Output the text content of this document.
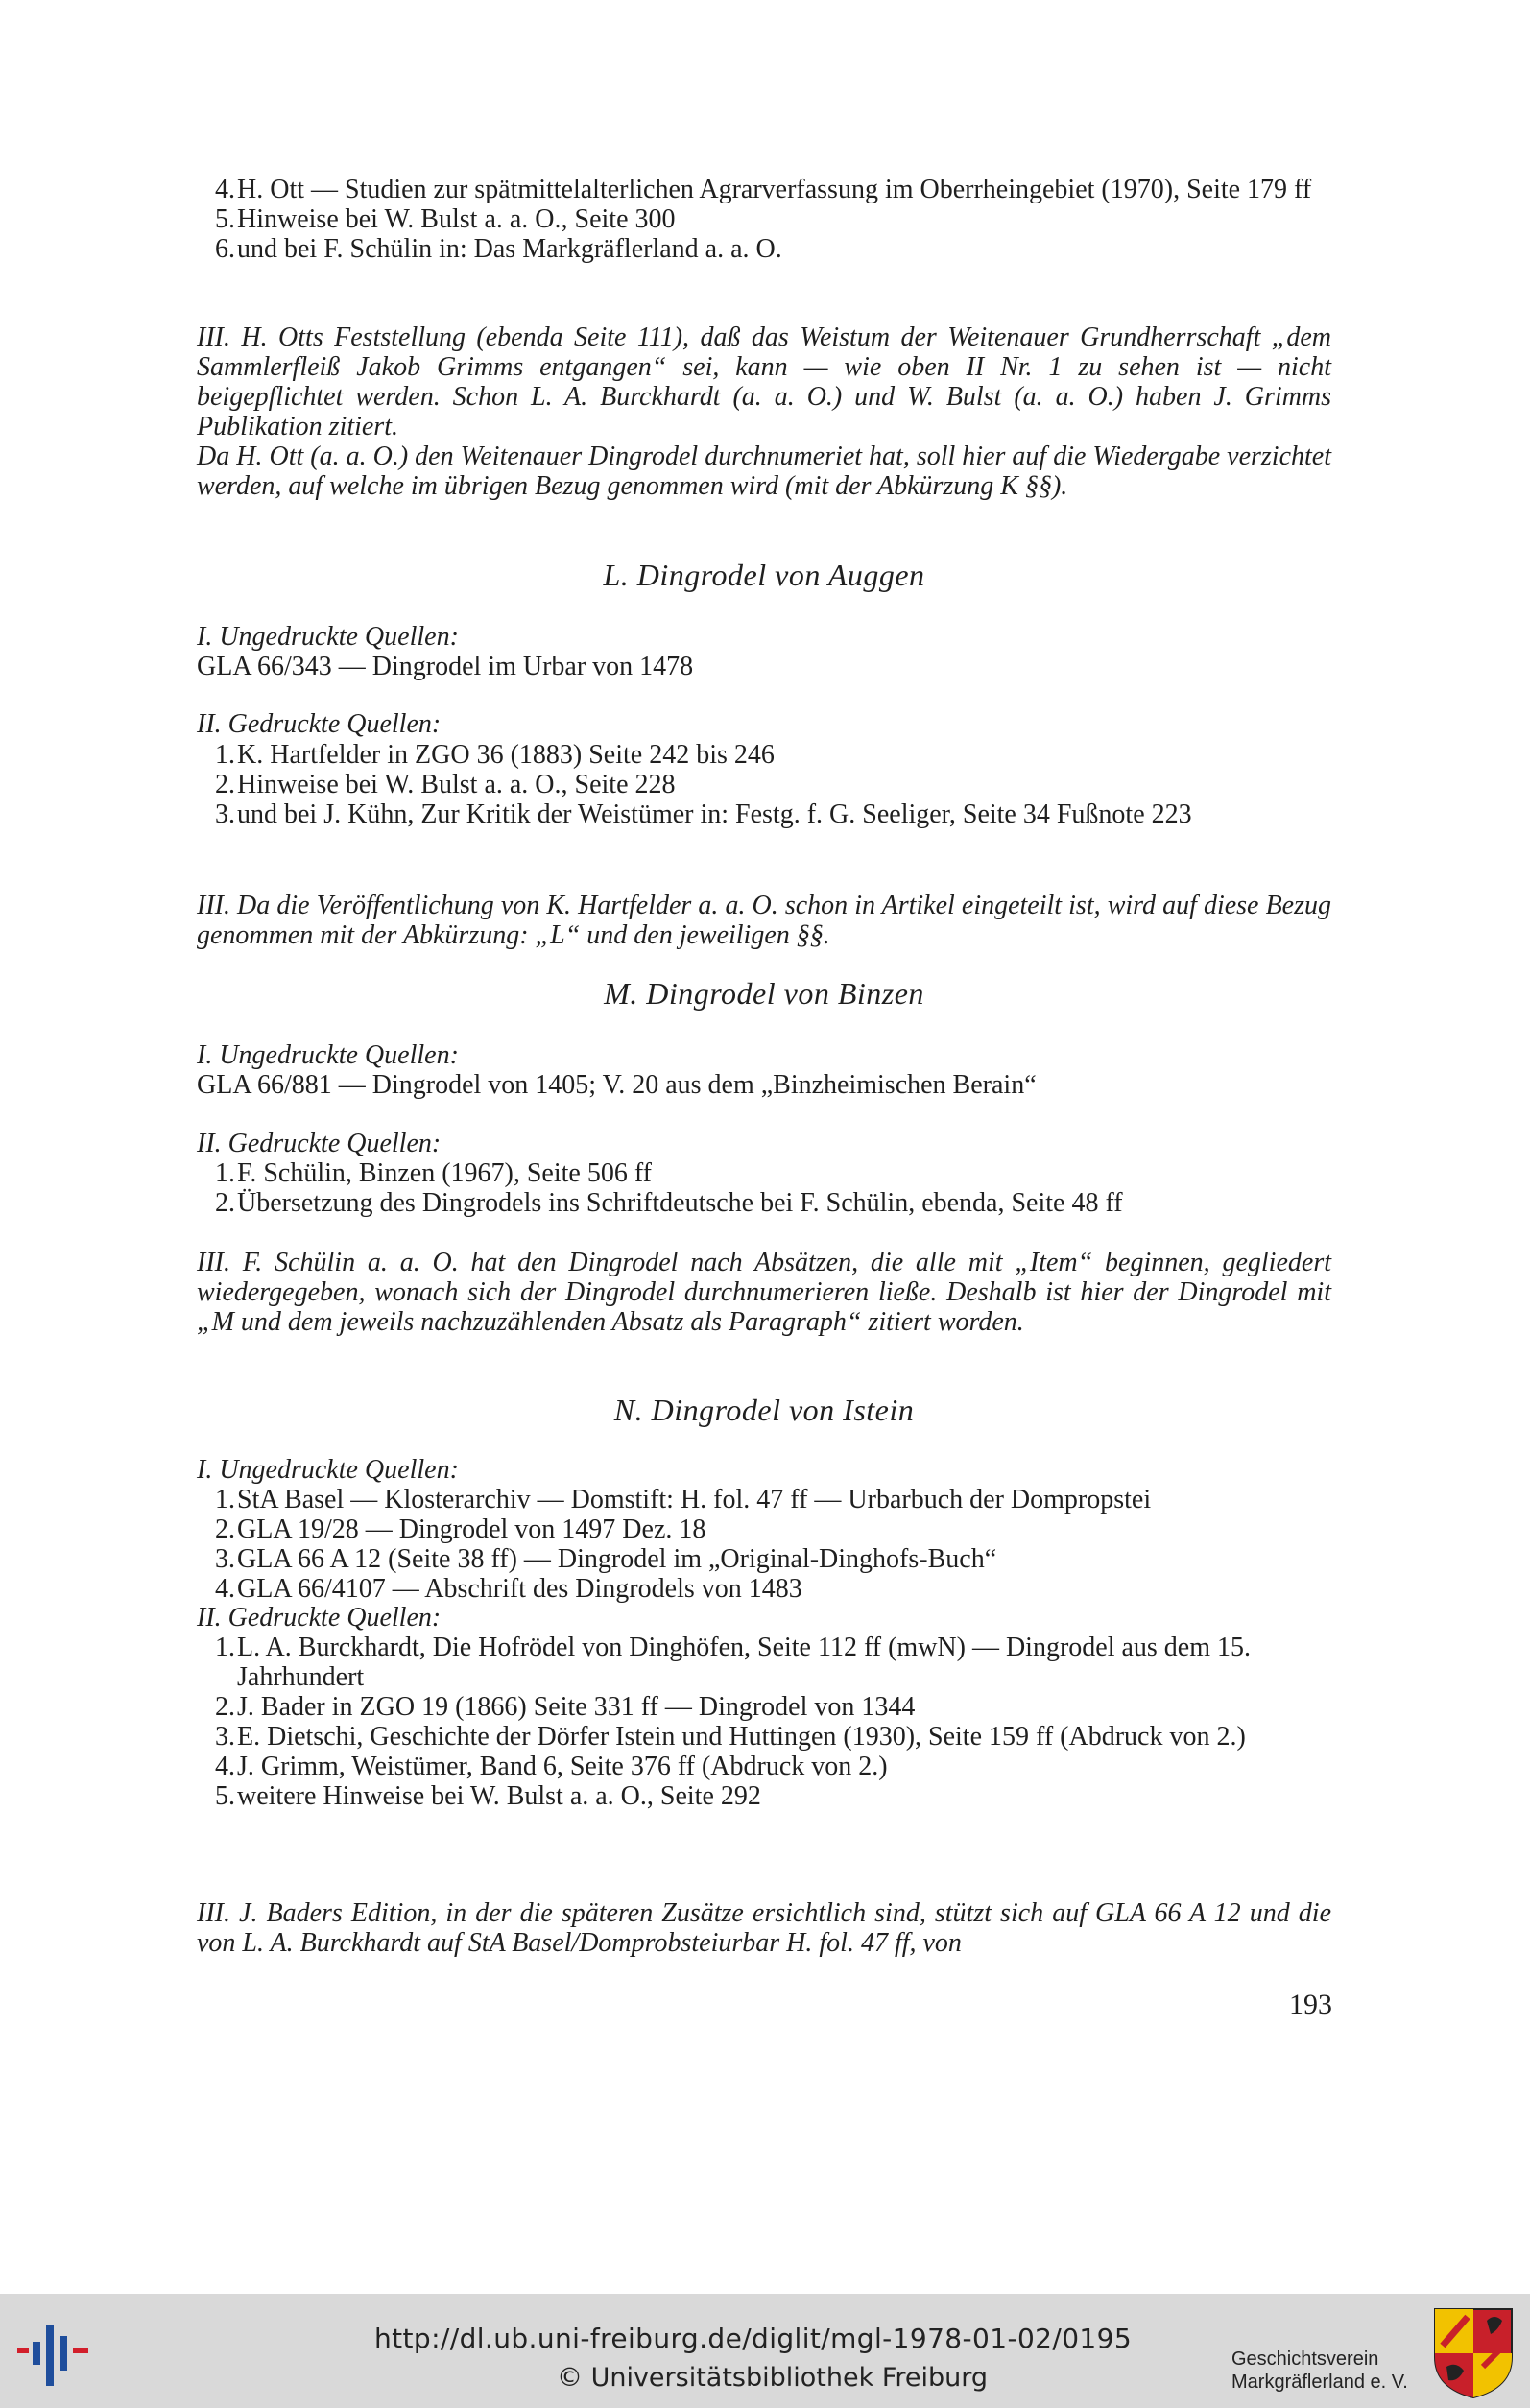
4. H. Ott — Studien zur spätmittelalterlichen Agrarverfassung im Oberrheingebiet (1970), Seite 179 ff
5. Hinweise bei W. Bulst a. a. O., Seite 300
6. und bei F. Schülin in: Das Markgräflerland a. a. O.
III. H. Otts Feststellung (ebenda Seite 111), daß das Weistum der Weitenauer Grundherrschaft „dem Sammlerfleiß Jakob Grimms entgangen“ sei, kann — wie oben II Nr. 1 zu sehen ist — nicht beigepflichtet werden. Schon L. A. Burckhardt (a. a. O.) und W. Bulst (a. a. O.) haben J. Grimms Publikation zitiert.
Da H. Ott (a. a. O.) den Weitenauer Dingrodel durchnumeriet hat, soll hier auf die Wiedergabe verzichtet werden, auf welche im übrigen Bezug genommen wird (mit der Abkürzung K §§).
L. Dingrodel von Auggen
I. Ungedruckte Quellen:
GLA 66/343 — Dingrodel im Urbar von 1478
II. Gedruckte Quellen:
1. K. Hartfelder in ZGO 36 (1883) Seite 242 bis 246
2. Hinweise bei W. Bulst a. a. O., Seite 228
3. und bei J. Kühn, Zur Kritik der Weistümer in: Festg. f. G. Seeliger, Seite 34 Fußnote 223
III. Da die Veröffentlichung von K. Hartfelder a. a. O. schon in Artikel eingeteilt ist, wird auf diese Bezug genommen mit der Abkürzung: „L“ und den jeweiligen §§.
M. Dingrodel von Binzen
I. Ungedruckte Quellen:
GLA 66/881 — Dingrodel von 1405; V. 20 aus dem „Binzheimischen Berain“
II. Gedruckte Quellen:
1. F. Schülin, Binzen (1967), Seite 506 ff
2. Übersetzung des Dingrodels ins Schriftdeutsche bei F. Schülin, ebenda, Seite 48 ff
III. F. Schülin a. a. O. hat den Dingrodel nach Absätzen, die alle mit „Item“ beginnen, gegliedert wiedergegeben, wonach sich der Dingrodel durchnumerieren ließe. Deshalb ist hier der Dingrodel mit „M und dem jeweils nachzuzählenden Absatz als Paragraph“ zitiert worden.
N. Dingrodel von Istein
I. Ungedruckte Quellen:
1. StA Basel — Klosterarchiv — Domstift: H. fol. 47 ff — Urbarbuch der Dompropstei
2. GLA 19/28 — Dingrodel von 1497 Dez. 18
3. GLA 66 A 12 (Seite 38 ff) — Dingrodel im „Original-Dinghofs-Buch“
4. GLA 66/4107 — Abschrift des Dingrodels von 1483
II. Gedruckte Quellen:
1. L. A. Burckhardt, Die Hofrödel von Dinghöfen, Seite 112 ff (mwN) — Dingrodel aus dem 15. Jahrhundert
2. J. Bader in ZGO 19 (1866) Seite 331 ff — Dingrodel von 1344
3. E. Dietschi, Geschichte der Dörfer Istein und Huttingen (1930), Seite 159 ff (Abdruck von 2.)
4. J. Grimm, Weistümer, Band 6, Seite 376 ff (Abdruck von 2.)
5. weitere Hinweise bei W. Bulst a. a. O., Seite 292
III. J. Baders Edition, in der die späteren Zusätze ersichtlich sind, stützt sich auf GLA 66 A 12 und die von L. A. Burckhardt auf StA Basel/Domprobsteiurbar H. fol. 47 ff, von
193
http://dl.ub.uni-freiburg.de/diglit/mgl-1978-01-02/0195
© Universitätsbibliothek Freiburg
Geschichtsverein
Markgräflerland e. V.
